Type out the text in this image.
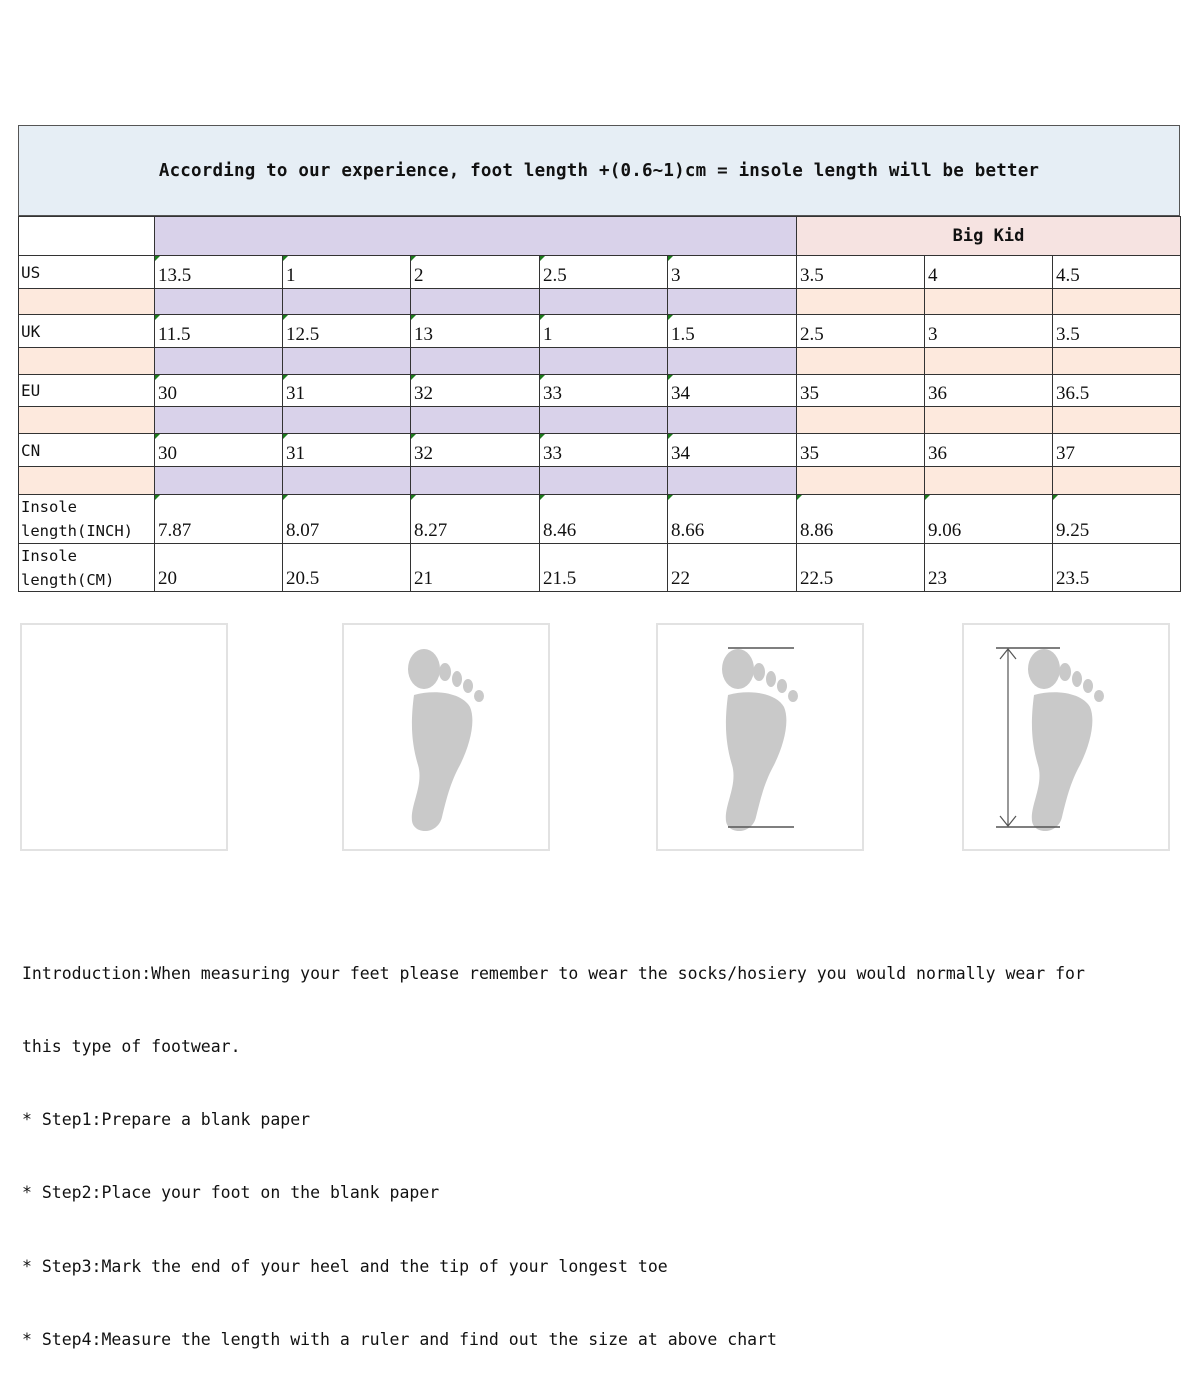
According to our experience, foot length +(0.6~1)cm = insole length will be better
Big Kid
US	13.5	1	2	2.5	3	3.5	4	4.5
UK	11.5	12.5	13	1	1.5	2.5	3	3.5
EU	30	31	32	33	34	35	36	36.5
CN	30	31	32	33	34	35	36	37
Insole
length(INCH)	7.87	8.07	8.27	8.46	8.66	8.86	9.06	9.25
Insole
length(CM)	20	20.5	21	21.5	22	22.5	23	23.5

Introduction:When measuring your feet please remember to wear the socks/hosiery you would normally wear for

this type of footwear.

* Step1:Prepare a blank paper

* Step2:Place your foot on the blank paper

* Step3:Mark the end of your heel and the tip of your longest toe

* Step4:Measure the length with a ruler and find out the size at above chart
